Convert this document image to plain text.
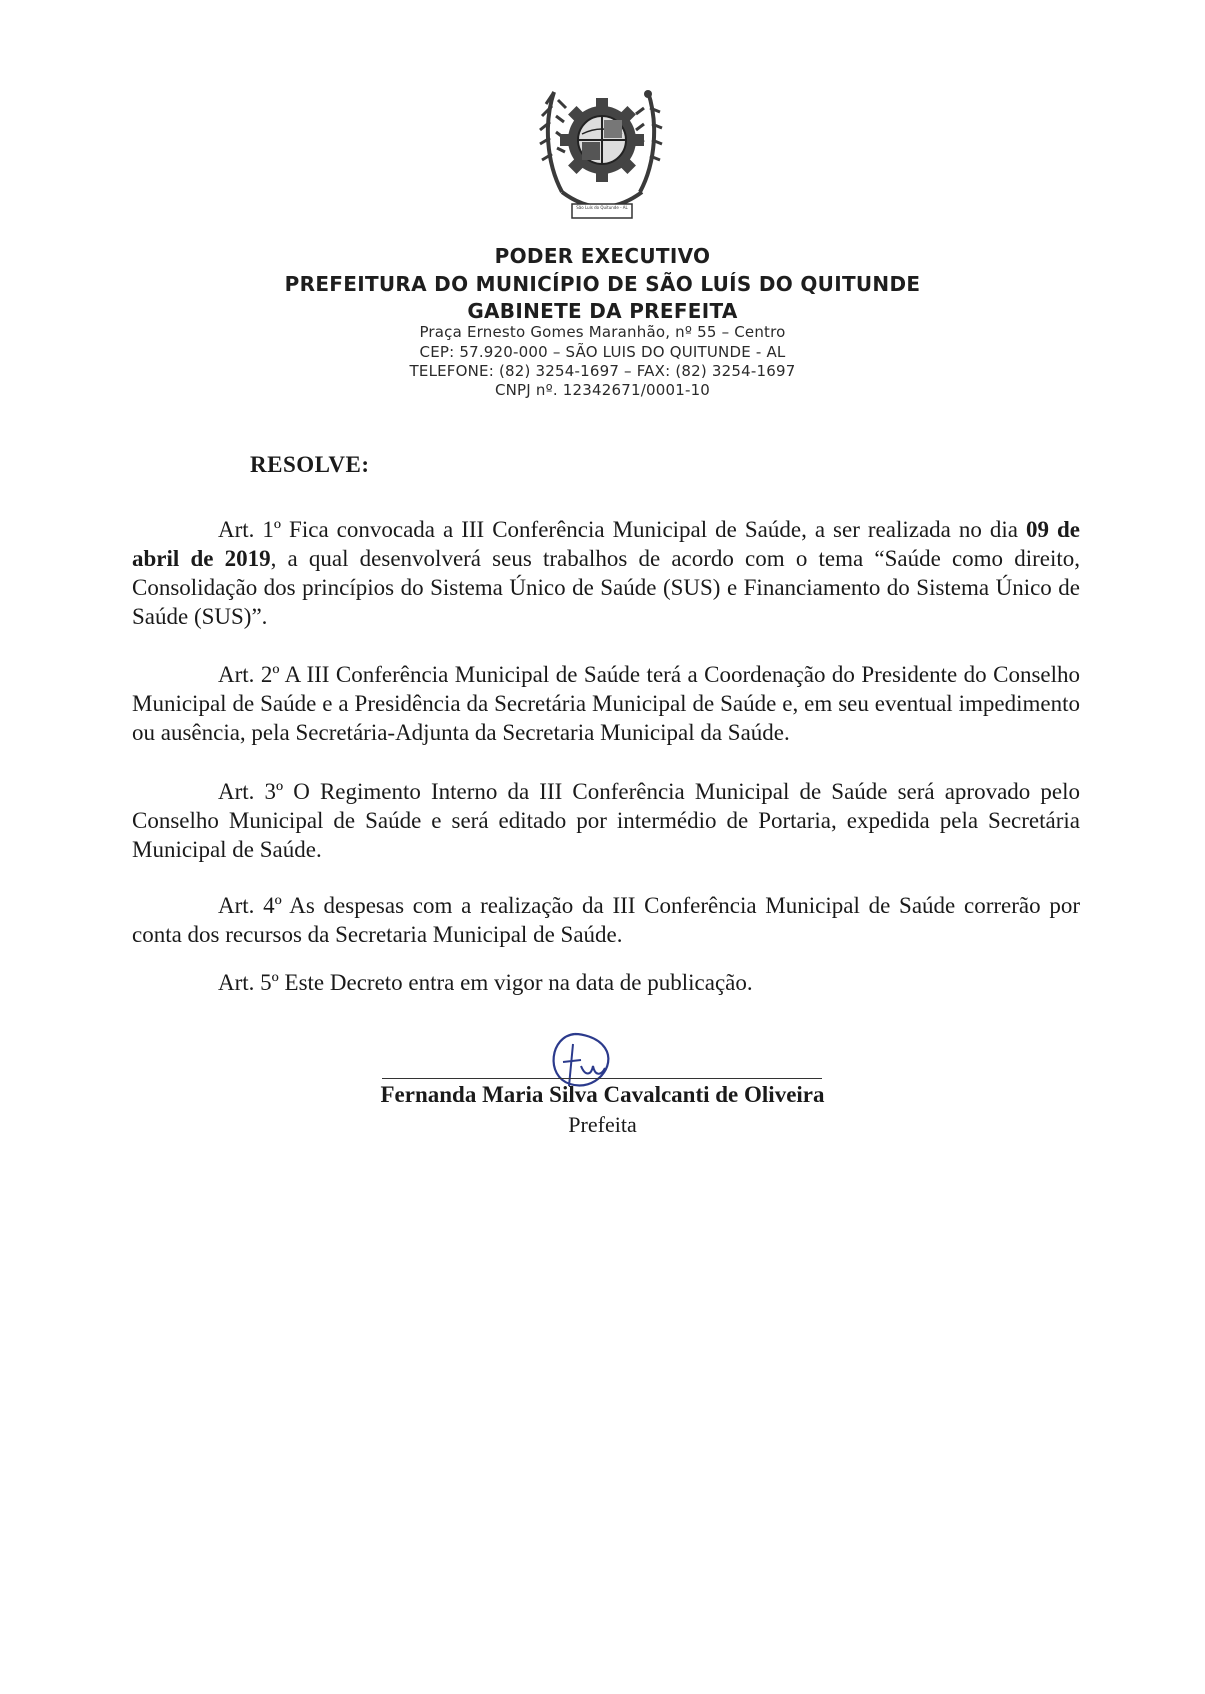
São Luís do Quitunde - AL
PODER EXECUTIVO
PREFEITURA DO MUNICÍPIO DE SÃO LUÍS DO QUITUNDE
GABINETE DA PREFEITA
Praça Ernesto Gomes Maranhão, nº 55 – Centro
CEP: 57.920-000 – SÃO LUIS DO QUITUNDE - AL
TELEFONE: (82) 3254-1697 – FAX: (82) 3254-1697
CNPJ nº. 12342671/0001-10
RESOLVE:

Art. 1º Fica convocada a III Conferência Municipal de Saúde, a ser realizada no dia 09 de abril de 2019, a qual desenvolverá seus trabalhos de acordo com o tema “Saúde como direito, Consolidação dos princípios do Sistema Único de Saúde (SUS) e Financiamento do Sistema Único de Saúde (SUS)”.

Art. 2º A III Conferência Municipal de Saúde terá a Coordenação do Presidente do Conselho Municipal de Saúde e a Presidência da Secretária Municipal de Saúde e, em seu eventual impedimento ou ausência, pela Secretária-Adjunta da Secretaria Municipal da Saúde.

Art. 3º O Regimento Interno da III Conferência Municipal de Saúde será aprovado pelo Conselho Municipal de Saúde e será editado por intermédio de Portaria, expedida pela Secretária Municipal de Saúde.

Art. 4º As despesas com a realização da III Conferência Municipal de Saúde correrão por conta dos recursos da Secretaria Municipal de Saúde.

Art. 5º Este Decreto entra em vigor na data de publicação.

Fernanda Maria Silva Cavalcanti de Oliveira
Prefeita
